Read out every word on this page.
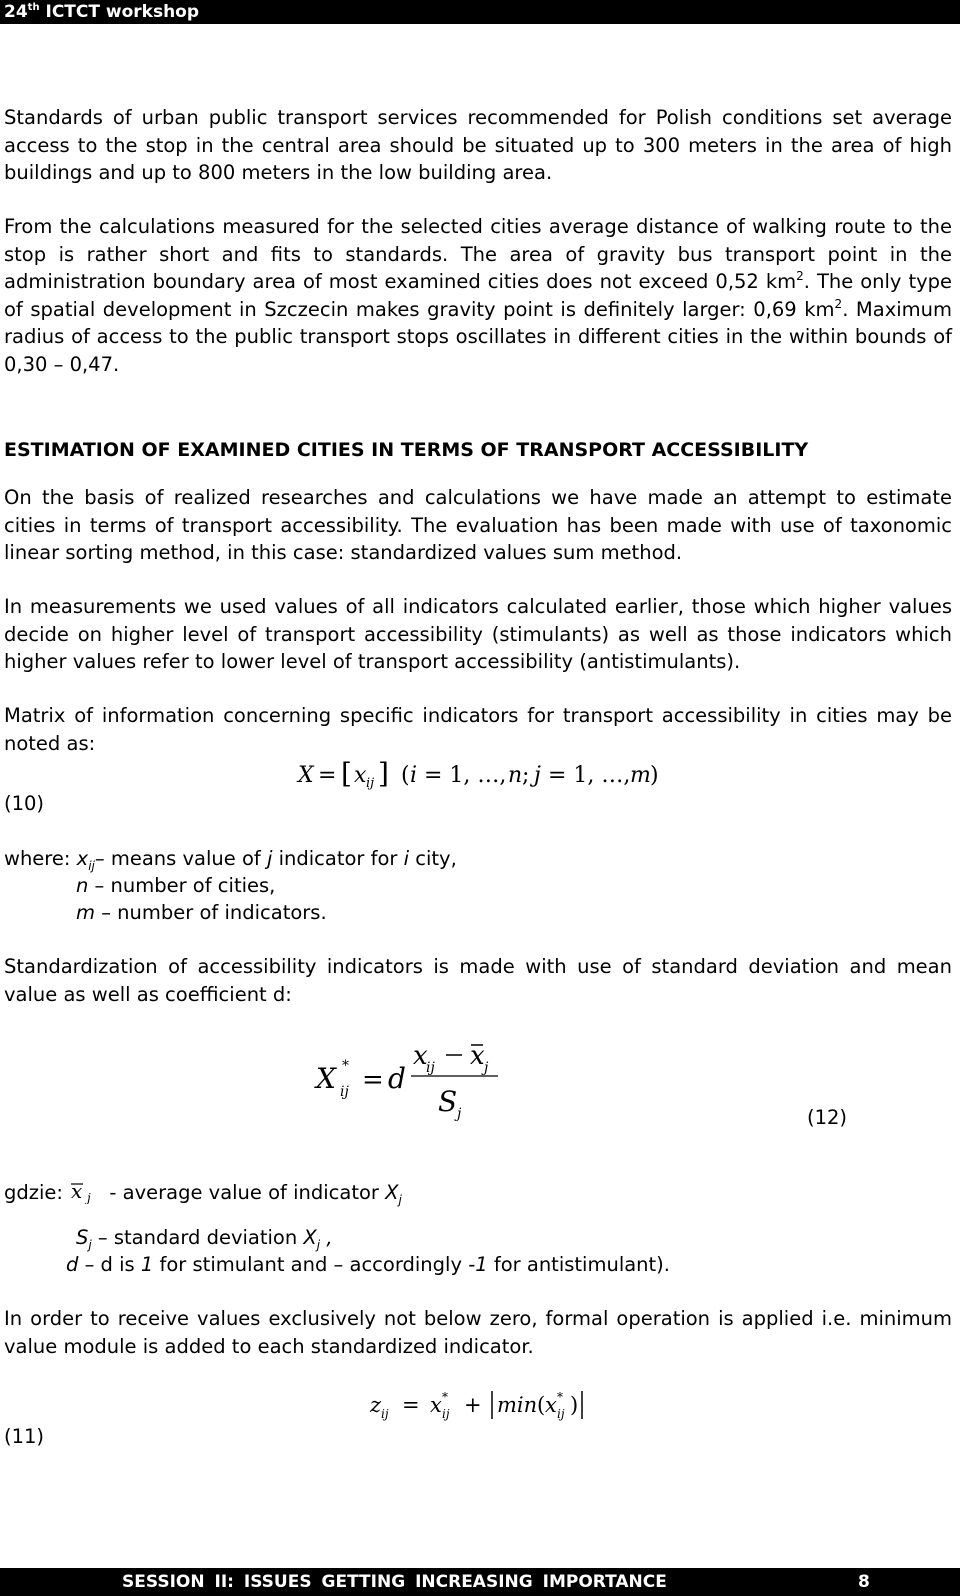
24th ICTCT workshop

Standards of urban public transport services recommended for Polish conditions set average access to the stop in the central area should be situated up to 300 meters in the area of high buildings and up to 800 meters in the low building area.

From the calculations measured for the selected cities average distance of walking route to the stop is rather short and fits to standards. The area of gravity bus transport point in the administration boundary area of most examined cities does not exceed 0,52 $km^2$. The only type of spatial development in Szczecin makes gravity point is definitely larger: 0,69 $km^2$. Maximum radius of access to the public transport stops oscillates in different cities in the within bounds of 0,30 – 0,47.

ESTIMATION OF EXAMINED CITIES IN TERMS OF TRANSPORT ACCESSIBILITY

On the basis of realized researches and calculations we have made an attempt to estimate cities in terms of transport accessibility. The evaluation has been made with use of taxonomic linear sorting method, in this case: standardized values sum method.

In measurements we used values of all indicators calculated earlier, those which higher values decide on higher level of transport accessibility (stimulants) as well as those indicators which higher values refer to lower level of transport accessibility (antistimulants).

Matrix of information concerning specific indicators for transport accessibility in cities may be noted as:

X = [ x ij ] ( i = 1, …, n ; j = 1, …, m )
(10)
where: $x_{ij}-$ means value of j indicator for i city,
n – number of cities,
m – number of indicators.

Standardization of accessibility indicators is made with use of standard deviation and mean value as well as coefficient d:

X *
ij = d
x
ij x j
S j	(12)
gdzie: x j - average value of indicator $X_j$
$S_j$ – standard deviation $X_j$ ,
d – d is 1 for stimulant and – accordingly -1 for antistimulant).

In order to receive values exclusively not below zero, formal operation is applied i.e. minimum value module is added to each standardized indicator.

z ij = x *
ij + min ( x *
ij )
(11)
SESSION II: ISSUES GETTING INCREASING IMPORTANCE	8
